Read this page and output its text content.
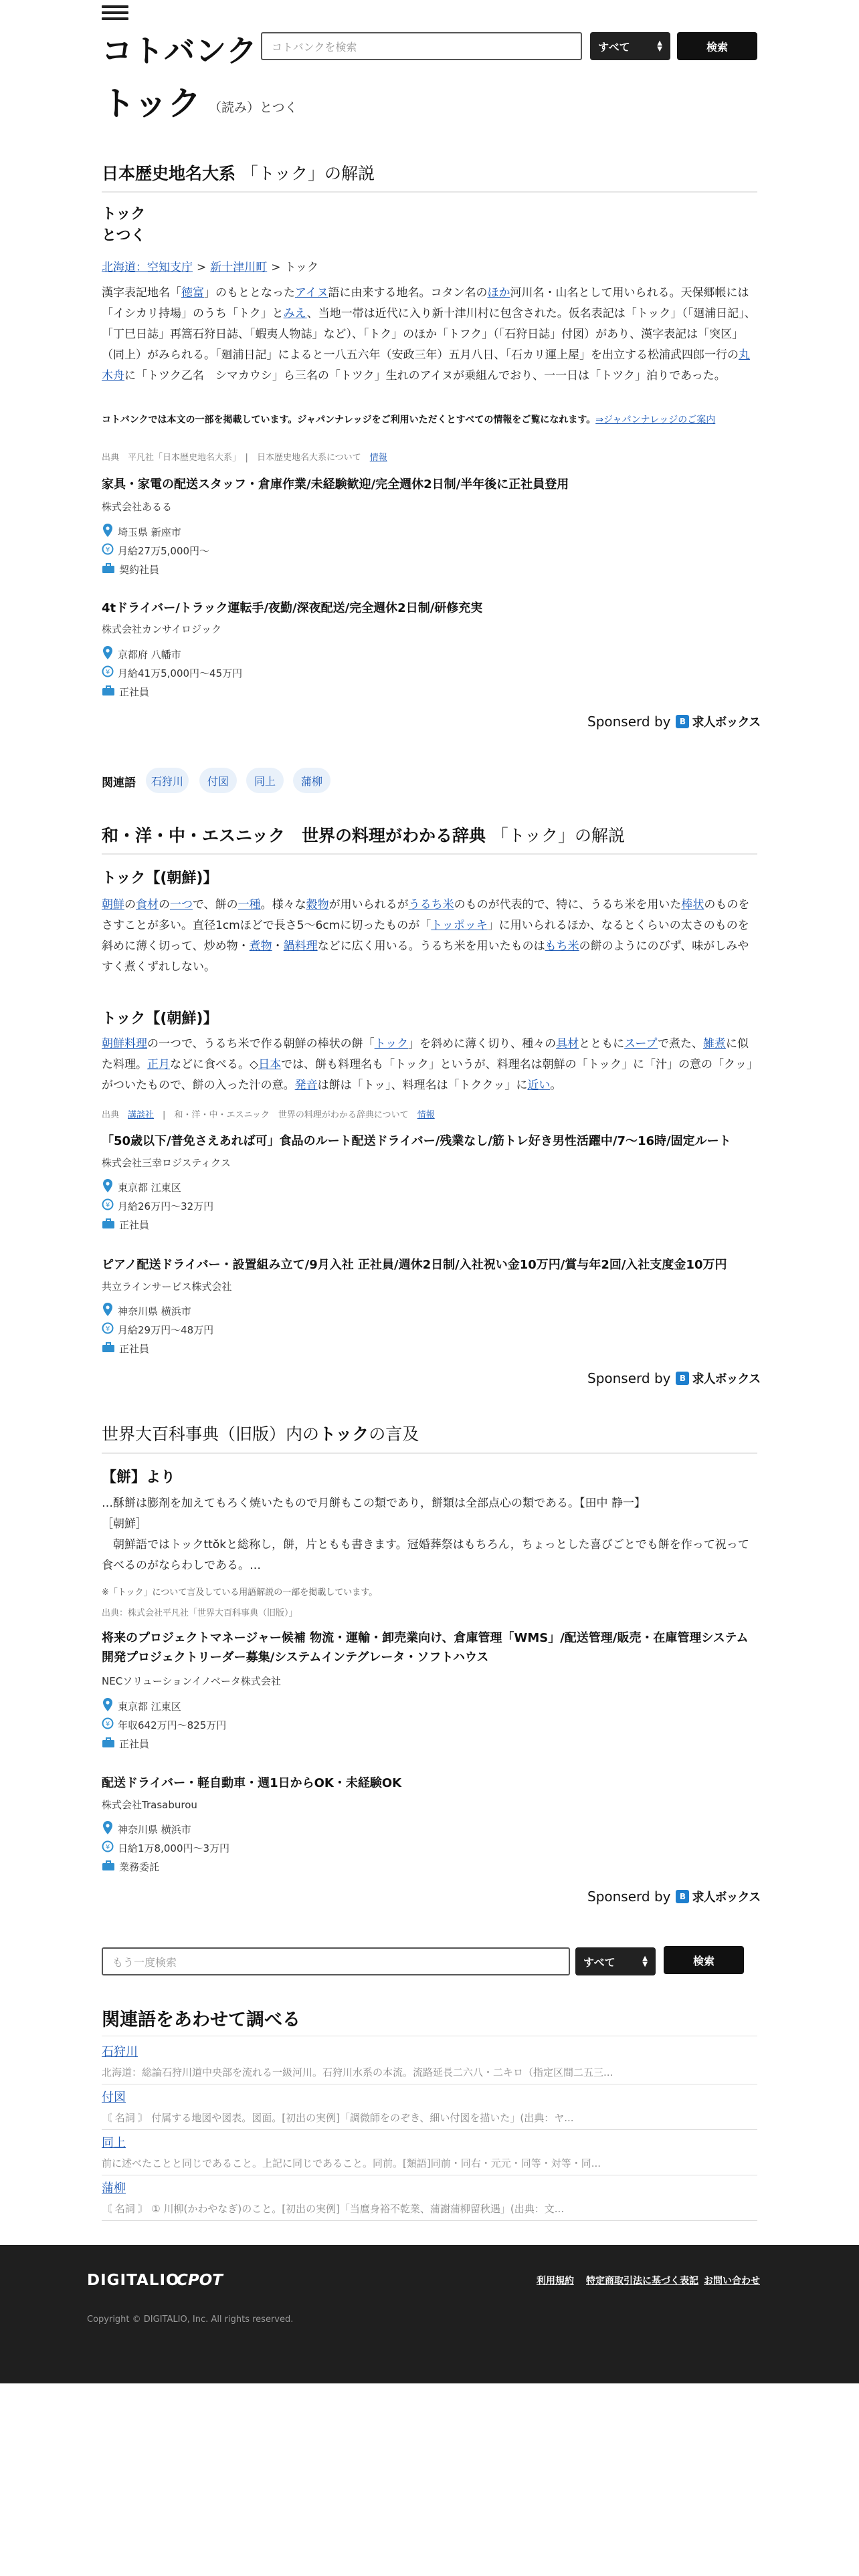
コトバンク コトバンクを検索	すべて	▲
▼	検索
トック （読み）とつく
日本歴史地名大系 「トック」の解説
トック
とつく
北海道：空知支庁 > 新十津川町 > トック

漢字表記地名「徳富」のもととなったアイヌ語に由来する地名。コタン名のほか河川名・山名として用いられる。天保郷帳には「イシカリ持場」のうち「トク」とみえ、当地一帯は近代に入り新十津川村に包含された。仮名表記は「トック」（「廻浦日記」、「丁巳日誌」再篙石狩日誌、「蝦夷人物誌」など）、「トク」のほか「トフク」（「石狩日誌」付図）があり、漢字表記は「突区」（同上）がみられる。「廻浦日記」によると一八五六年（安政三年）五月八日、「石カリ運上屋」を出立する松浦武四郎一行の丸木舟に「トツク乙名　シマカウシ」ら三名の「トツク」生れのアイヌが乗組んでおり、一一日は「トツク」泊りであった。

コトバンクでは本文の一部を掲載しています。ジャパンナレッジをご利用いただくとすべての情報をご覧になれます。⇒ジャパンナレッジのご案内
出典　 平凡社「日本歴史地名大系」　|　日本歴史地名大系について　 情報
家具・家電の配送スタッフ・倉庫作業/未経験歓迎/完全週休2日制/半年後に正社員登用
株式会社あるる
埼玉県 新座市
¥ 月給27万5,000円〜
契約社員
4tドライバー/トラック運転手/夜勤/深夜配送/完全週休2日制/研修充実
株式会社カンサイロジック
京都府 八幡市
¥ 月給41万5,000円〜45万円
正社員
Sponserd by	B 求人ボックス
関連語	石狩川	付図	同上	蒲柳
和・洋・中・エスニック　世界の料理がわかる辞典 「トック」の解説
トック【(朝鮮)】

朝鮮の食材の一つで、餅の一種。様々な穀物が用いられるがうるち米のものが代表的で、特に、うるち米を用いた棒状のものをさすことが多い。直径1cmほどで長さ5〜6cmに切ったものが「トッポッキ」に用いられるほか、なるとくらいの太さのものを斜めに薄く切って、炒め物・煮物・鍋料理などに広く用いる。うるち米を用いたものはもち米の餅のようにのびず、味がしみやすく煮くずれしない。

トック【(朝鮮)】

朝鮮料理の一つで、うるち米で作る朝鮮の棒状の餅「トック」を斜めに薄く切り、種々の具材とともにスープで煮た、雑煮に似た料理。正月などに食べる。◇日本では、餅も料理名も「トック」というが、料理名は朝鮮の「トック」に「汁」の意の「クッ」がついたもので、餅の入った汁の意。発音は餅は「トッ」、料理名は「トククッ」に近い。

出典　 講談社　|　和・洋・中・エスニック　世界の料理がわかる辞典について　 情報
「50歳以下/普免さえあれば可」食品のルート配送ドライバー/残業なし/筋トレ好き男性活躍中/7〜16時/固定ルート
株式会社三幸ロジスティクス
東京都 江東区
¥ 月給26万円〜32万円
正社員
ピアノ配送ドライバー・設置組み立て/9月入社 正社員/週休2日制/入社祝い金10万円/賞与年2回/入社支度金10万円
共立ラインサービス株式会社
神奈川県 横浜市
¥ 月給29万円〜48万円
正社員
Sponserd by	B 求人ボックス
世界大百科事典（旧版）内のトックの言及
【餅】より

…酥餅は膨剤を加えてもろく焼いたもので月餅もこの類であり，餅類は全部点心の類である。【田中 静一】

［朝鮮］

　朝鮮語ではトックttŏkと総称し，餅，片ともも書きます。冠婚葬祭はもちろん，ちょっとした喜びごとでも餅を作って祝って食べるのがならわしである。…

※「トック」について言及している用語解説の一部を掲載しています。
出典：株式会社平凡社「世界大百科事典（旧版）」
将来のプロジェクトマネージャー候補 物流・運輸・卸売業向け、倉庫管理「WMS」/配送管理/販売・在庫管理システム開発プロジェクトリーダー募集/システムインテグレータ・ソフトハウス
NECソリューションイノベータ株式会社
東京都 江東区
¥ 年収642万円〜825万円
正社員
配送ドライバー・軽自動車・週1日からOK・未経験OK
株式会社Trasaburou
神奈川県 横浜市
¥ 日給1万8,000円〜3万円
業務委託
Sponserd by	B 求人ボックス
もう一度検索	すべて	▲
▼	検索
関連語をあわせて調べる
石狩川
北海道：総論石狩川道中央部を流れる一級河川。石狩川水系の本流。流路延長二六八・二キロ（指定区間二五三...
付図
〘 名詞 〙 付属する地図や図表。図面。[初出の実例]「調微師をのぞき、細い付図を描いた」(出典：ヤ...
同上
前に述べたことと同じであること。上記に同じであること。同前。[類語]同前・同右・元元・同等・対等・同...
蒲柳
〘 名詞 〙 ① 川柳(かわやなぎ)のこと。[初出の実例]「当麿身裕不乾業、蒲謝蒲柳留秋遇」(出典：文...
DIGITALIO
CPOT	利用規約 特定商取引法に基づく表記 お問い合わせ
Copyright © DIGITALIO, Inc. All rights reserved.
